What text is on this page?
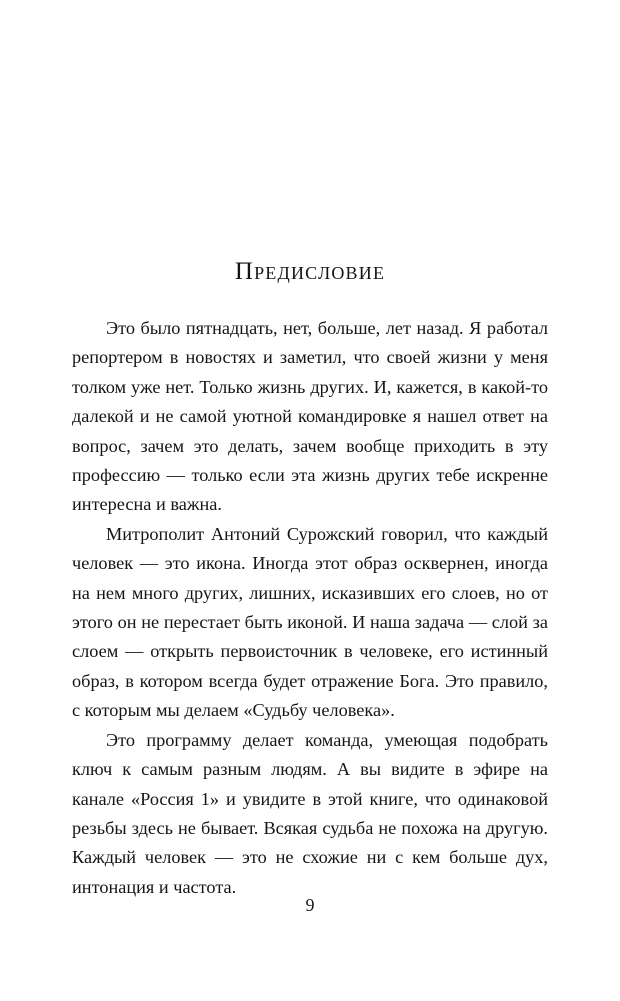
Предисловие

Это было пятнадцать, нет, больше, лет назад. Я работал репортером в новостях и заметил, что своей жизни у меня толком уже нет. Только жизнь других. И, кажется, в какой-то далекой и не самой уютной командировке я нашел ответ на вопрос, зачем это делать, зачем вообще приходить в эту профессию — только если эта жизнь других тебе искренне интересна и важна.

Митрополит Антоний Сурожский говорил, что каждый человек — это икона. Иногда этот образ осквернен, иногда на нем много других, лишних, исказивших его слоев, но от этого он не перестает быть иконой. И наша задача — слой за слоем — открыть первоисточник в человеке, его истинный образ, в котором всегда будет отражение Бога. Это правило, с которым мы делаем «Судьбу человека».

Это программу делает команда, умеющая подобрать ключ к самым разным людям. А вы видите в эфире на канале «Россия 1» и увидите в этой книге, что одинаковой резьбы здесь не бывает. Всякая судьба не похожа на другую. Каждый человек — это не схожие ни с кем больше дух, интонация и частота.

9
